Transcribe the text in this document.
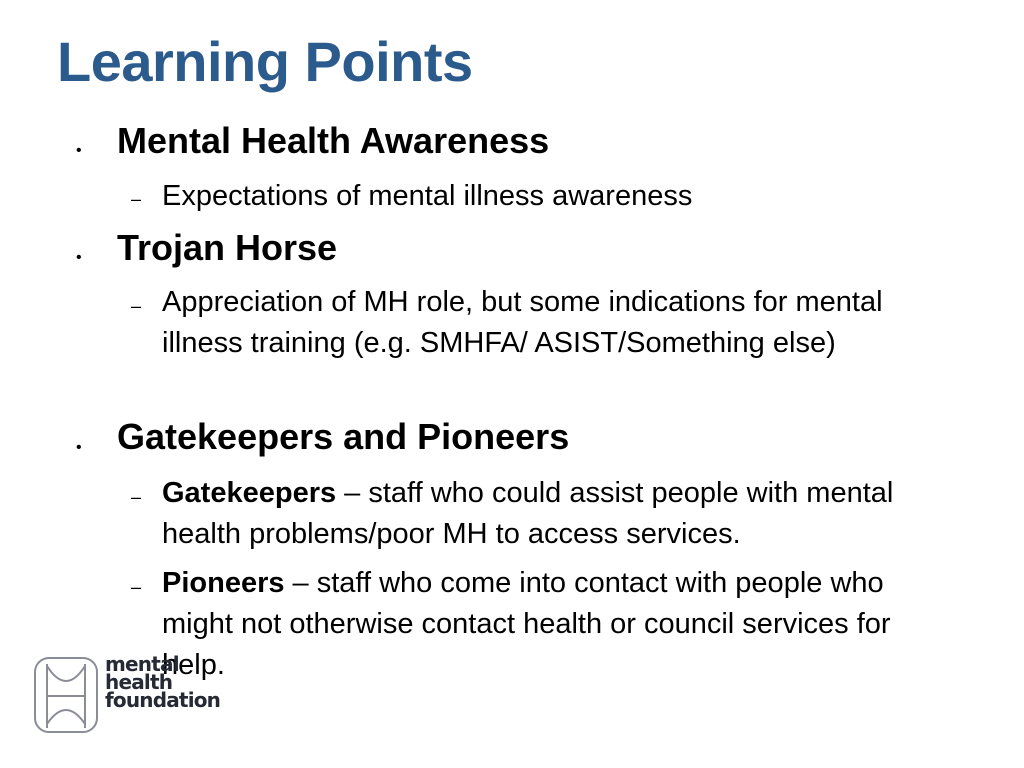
Learning Points
• Mental Health Awareness
– Expectations of mental illness awareness
• Trojan Horse
– Appreciation of MH role, but some indications for mental illness training (e.g. SMHFA/ ASIST/Something else)
• Gatekeepers and Pioneers
– Gatekeepers – staff who could assist people with mental health problems/poor MH to access services.
– Pioneers – staff who come into contact with people who might not otherwise contact health or council services for help.
mental
health
foundation
